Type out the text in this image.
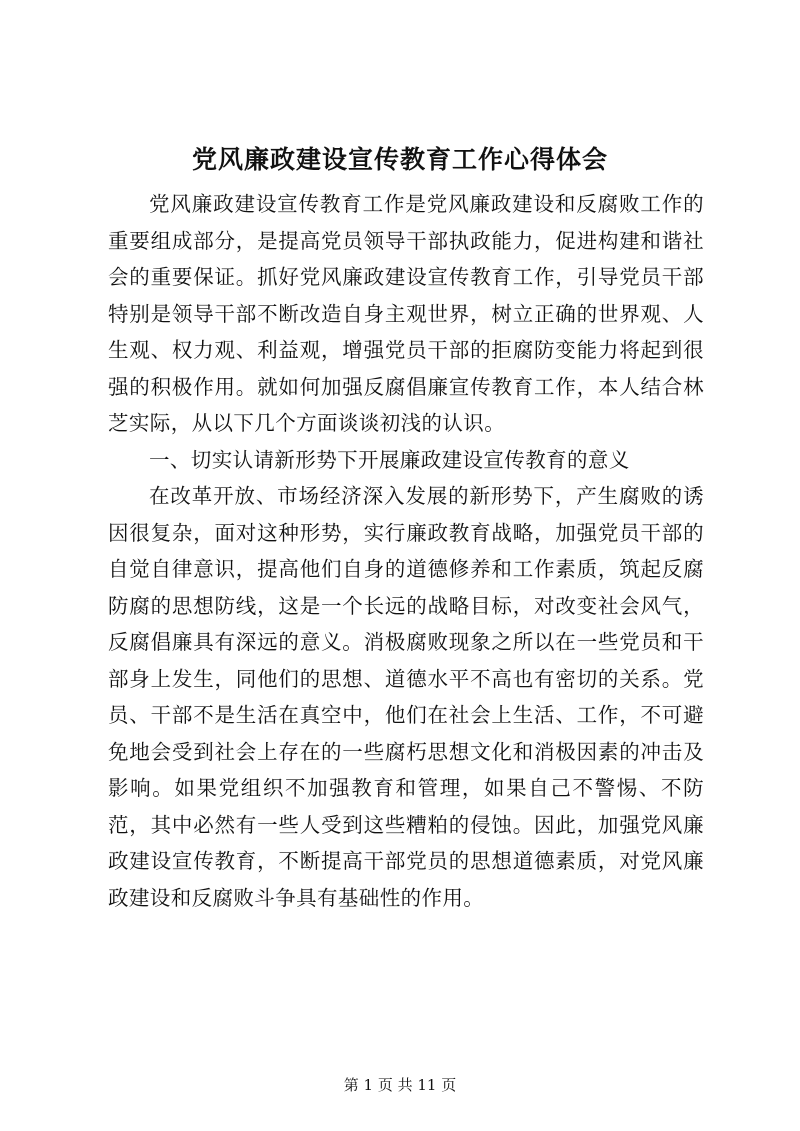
党风廉政建设宣传教育工作心得体会

党风廉政建设宣传教育工作是党风廉政建设和反腐败工作的重要组成部分，是提高党员领导干部执政能力，促进构建和谐社会的重要保证。抓好党风廉政建设宣传教育工作，引导党员干部特别是领导干部不断改造自身主观世界，树立正确的世界观、人生观、权力观、利益观，增强党员干部的拒腐防变能力将起到很强的积极作用。就如何加强反腐倡廉宣传教育工作，本人结合林芝实际，从以下几个方面谈谈初浅的认识。

一、切实认请新形势下开展廉政建设宣传教育的意义

在改革开放、市场经济深入发展的新形势下，产生腐败的诱因很复杂，面对这种形势，实行廉政教育战略，加强党员干部的自觉自律意识，提高他们自身的道德修养和工作素质，筑起反腐防腐的思想防线，这是一个长远的战略目标，对改变社会风气，反腐倡廉具有深远的意义。消极腐败现象之所以在一些党员和干部身上发生，同他们的思想、道德水平不高也有密切的关系。党员、干部不是生活在真空中，他们在社会上生活、工作，不可避免地会受到社会上存在的一些腐朽思想文化和消极因素的冲击及影响。如果党组织不加强教育和管理，如果自己不警惕、不防范，其中必然有一些人受到这些糟粕的侵蚀。因此，加强党风廉政建设宣传教育，不断提高干部党员的思想道德素质，对党风廉政建设和反腐败斗争具有基础性的作用。

第 1 页 共 11 页
